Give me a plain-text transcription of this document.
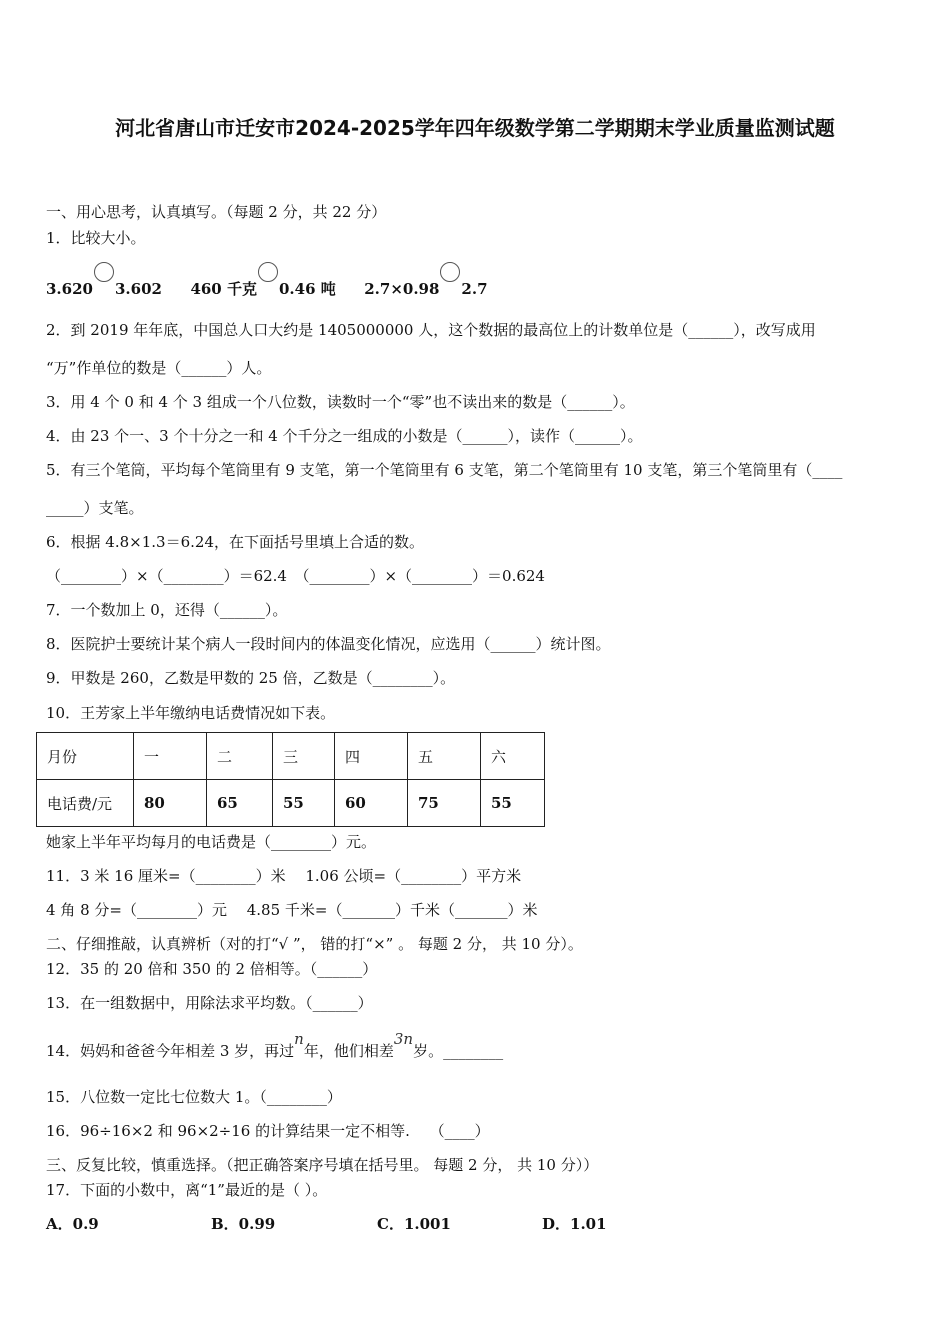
河北省唐山市迁安市2024-2025学年四年级数学第二学期期末学业质量监测试题
一、用心思考，认真填写。（每题 2 分，共 22 分）
1．比较大小。
3.620 3.602 460 千克 0.46 吨 2.7×0.98 2.7
2．到 2019 年年底，中国总人口大约是 1405000000 人，这个数据的最高位上的计数单位是（______），改写成用
“万”作单位的数是（______）人。
3．用 4 个 0 和 4 个 3 组成一个八位数，读数时一个“零”也不读出来的数是（______）。
4．由 23 个一、3 个十分之一和 4 个千分之一组成的小数是（______），读作（______）。
5．有三个笔筒，平均每个笔筒里有 9 支笔，第一个笔筒里有 6 支笔，第二个笔筒里有 10 支笔，第三个笔筒里有（____
_____）支笔。
6．根据 4.8×1.3＝6.24，在下面括号里填上合适的数。
（________）×（________）＝62.4　（________）×（________）＝0.624
7．一个数加上 0，还得（______）。
8．医院护士要统计某个病人一段时间内的体温变化情况，应选用（______）统计图。
9．甲数是 260，乙数是甲数的 25 倍，乙数是（________）。
10．王芳家上半年缴纳电话费情况如下表。
月份	一	二	三	四	五	六
电话费/元	80	65	55	60	75	55
她家上半年平均每月的电话费是（________）元。
11．3 米 16 厘米=（________）米　 1.06 公顷=（________）平方米
4 角 8 分=（________）元　 4.85 千米=（_______）千米（_______）米
二、仔细推敲，认真辨析（对的打“√ ”， 错的打“×” 。 每题 2 分， 共 10 分）。
12．35 的 20 倍和 350 的 2 倍相等。（______）
13．在一组数据中，用除法求平均数。（______）
14．妈妈和爸爸今年相差 3 岁，再过n年，他们相差3n岁。________
15．八位数一定比七位数大 1。（________）
16．96÷16×2 和 96×2÷16 的计算结果一定不相等.　 （____）
三、反复比较，慎重选择。（把正确答案序号填在括号里。 每题 2 分， 共 10 分））
17．下面的小数中，离“1”最近的是（ ）。
A．0.9	B．0.99	C．1.001	D．1.01
